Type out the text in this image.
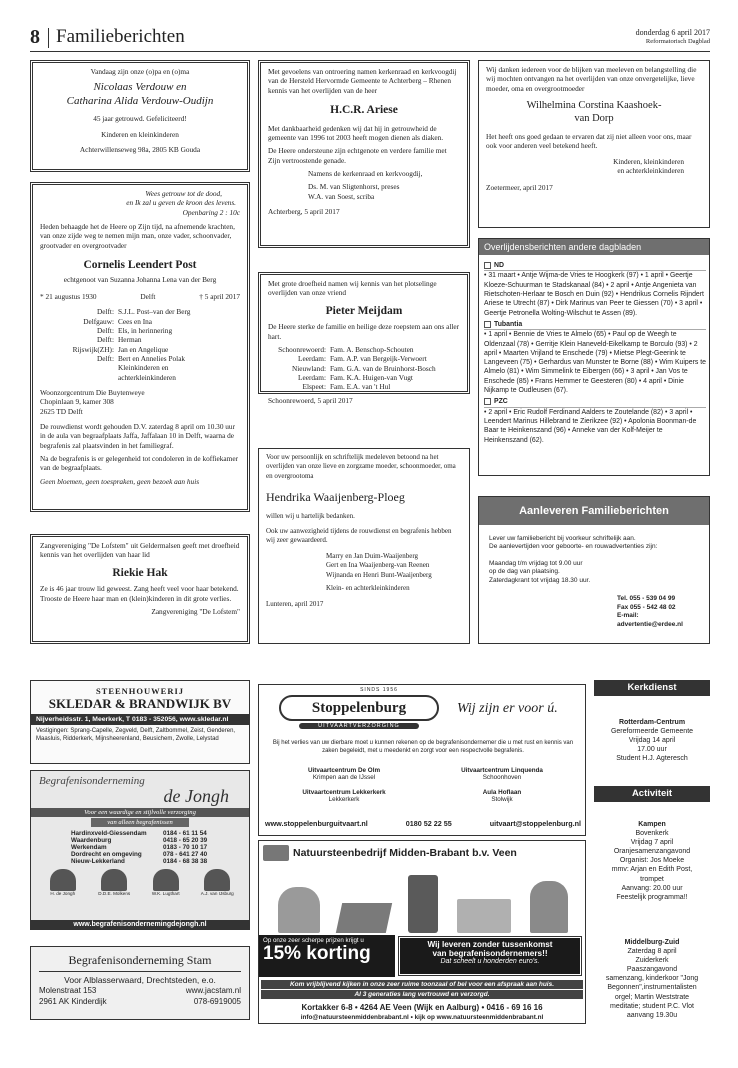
8 Familieberichten	donderdag 6 april 2017
Reformatorisch Dagblad

Vandaag zijn onze (o)pa en (o)ma

Nicolaas Verdouw en
Catharina Alida Verdouw-Oudijn

45 jaar getrouwd. Gefeliciteerd!

Kinderen en kleinkinderen

Achterwillenseweg 98a, 2805 KB Gouda

Wees getrouw tot de dood,
en Ik zal u geven de kroon des levens.
Openbaring 2 : 10c

Heden behaagde het de Heere op Zijn tijd, na afnemende krachten, van onze zijde weg te nemen mijn man, onze vader, schoonvader, grootvader en overgrootvader

Cornelis Leendert Post
echtgenoot van Suzanna Johanna Lena van der Berg
* 21 augustus 1930	Delft	† 5 april 2017
Delft: S.J.L. Post–van der Berg
Delfgauw: Cees en Ina
Delft: Els, in herinnering
Delft: Herman
Rijswijk(ZH): Jan en Angelique
Delft: Bert en Annelies Polak
Kleinkinderen en
achterkleinkinderen
Woonzorgcentrum Die Buytenweye
Chopinlaan 9, kamer 308
2625 TD Delft

De rouwdienst wordt gehouden D.V. zaterdag 8 april om 10.30 uur in de aula van begraafplaats Jaffa, Jaffalaan 10 in Delft, waarna de begrafenis zal plaatsvinden in het familiegraf.

Na de begrafenis is er gelegenheid tot condoleren in de koffiekamer van de begraafplaats.

Geen bloemen, geen toespraken, geen bezoek aan huis

Zangvereniging "De Lofstem" uit Geldermalsen geeft met droefheid kennis van het overlijden van haar lid

Riekie Hak

Ze is 46 jaar trouw lid geweest. Zang heeft veel voor haar betekend. Trooste de Heere haar man en (klein)kinderen in dit grote verlies.

Zangvereniging "De Lofstem"

Met gevoelens van ontroering namen kerkenraad en kerkvoogdij van de Hersteld Hervormde Gemeente te Achterberg – Rhenen kennis van het overlijden van de heer

H.C.R. Ariese

Met dankbaarheid gedenken wij dat hij in getrouwheid de gemeente van 1996 tot 2003 heeft mogen dienen als diaken.

De Heere ondersteune zijn echtgenote en verdere familie met Zijn vertroostende genade.

Namens de kerkenraad en kerkvoogdij,
Ds. M. van Sligtenhorst, preses
W.A. van Soest, scriba
Achterberg, 5 april 2017

Met grote droefheid namen wij kennis van het plotselinge overlijden van onze vriend

Pieter Meijdam

De Heere sterke de familie en heilige deze roepstem aan ons aller hart.

Schoonrewoerd: Fam. A. Benschop-Schouten
Leerdam: Fam. A.P. van Bergeijk-Verwoert
Nieuwland: Fam. G.A. van de Bruinhorst-Bosch
Leerdam: Fam. K.A. Huigen-van Vugt
Elspeet: Fam. E.A. van 't Hul
Schoonrewoerd, 5 april 2017

Voor uw persoonlijk en schriftelijk medeleven betoond na het overlijden van onze lieve en zorgzame moeder, schoonmoeder, oma en overgrootoma

Hendrika Waaijenberg-Ploeg

willen wij u hartelijk bedanken.

Ook uw aanwezigheid tijdens de rouwdienst en begrafenis hebben wij zeer gewaardeerd.

Marry en Jan Duim-Waaijenberg
Gert en Ina Waaijenberg-van Reenen
Wijnanda en Henri Bunt-Waaijenberg
Klein- en achterkleinkinderen
Lunteren, april 2017

Wij danken iedereen voor de blijken van meeleven en belangstelling die wij mochten ontvangen na het overlijden van onze onvergetelijke, lieve moeder, oma en overgrootmoeder

Wilhelmina Corstina Kaashoek-
van Dorp

Het heeft ons goed gedaan te ervaren dat zij niet alleen voor ons, maar ook voor anderen veel betekend heeft.

Kinderen, kleinkinderen
en achterkleinkinderen
Zoetermeer, april 2017
Overlijdensberichten andere dagbladen
ND
• 31 maart • Antje Wijma-de Vries te Hoogkerk (97) • 1 april • Geertje Kloeze-Schuurman te Stadskanaal (84) • 2 april • Antje Angenieta van Rietschoten-Herlaar te Bosch en Duin (92) • Hendrikus Cornelis Rijndert Ariese te Utrecht (87) • Dirk Marinus van Peer te Giessen (70) • 3 april • Geertje Petronella Wolting-Wilschut te Assen (89).
Tubantia
• 1 april • Bennie de Vries te Almelo (65) • Paul op de Weegh te Oldenzaal (78) • Gerritje Klein Haneveld-Eikelkamp te Borculo (93) • 2 april • Maarten Vrijland te Enschede (79) • Mietse Plegt-Geerink te Langeveen (75) • Gerhardus van Munster te Borne (88) • Wim Kuipers te Almelo (81) • Wim Simmelink te Eibergen (66) • 3 april • Jan Vos te Enschede (85) • Frans Hemmer te Geesteren (80) • 4 april • Dinie Nijkamp te Oudleusen (67).
PZC
• 2 april • Eric Rudolf Ferdinand Aalders te Zoutelande (82) • 3 april • Leendert Marinus Hillebrand te Zierikzee (92) • Apolonia Boonman-de Baar te Heinkenszand (96) • Anneke van der Kolf-Meijer te Heinkenszand (62).
Aanleveren Familieberichten
Lever uw familiebericht bij voorkeur schriftelijk aan.
De aanlevertijden voor geboorte- en rouwadvertenties zijn:
Maandag t/m vrijdag tot 9.00 uur
op de dag van plaatsing.
Zaterdagkrant tot vrijdag 18.30 uur.
Tel. 055 - 539 04 99
Fax 055 - 542 48 02
E-mail: advertentie@erdee.nl
STEENHOUWERIJ
SKLEDAR & BRANDWIJK BV
Nijverheidsstr. 1, Meerkerk, T 0183 - 352056, www.skledar.nl
Vestigingen: Sprang-Capelle, Zegveld, Delft, Zaltbommel, Zeist, Genderen, Maasluis, Ridderkerk, Mijnsheerenland, Beusichem, Zwolle, Lelystad
Begrafenisonderneming
de Jongh
Voor een waardige en stijlvolle verzorging
van alleen begrafenissen
Hardinxveld-Giessendam	0184 - 61 11 54
Waardenburg	0418 - 65 20 39
Werkendam	0183 - 70 10 17
Dordrecht en omgeving	078 - 641 27 40
Nieuw-Lekkerland	0184 - 68 38 38
H. de Jongh	D.D.E. Molkens	W.K. Lugthart	A.J. van IJsburg
www.begrafenisondernemingdejongh.nl
Begrafenisonderneming Stam
Voor Alblasserwaard, Drechtsteden, e.o.
Molenstraat 153	www.jacstam.nl
2961 AK Kinderdijk	078-6919005
SINDS 1956
Stoppelenburg
UITVAARTVERZORGING
Wij zijn er voor ú.
Bij het verlies van uw dierbare moet u kunnen rekenen op de begrafenisondernemer die u met rust en kennis van zaken begeleidt, met u meedenkt en zorgt voor een respectvolle begrafenis.
Uitvaartcentrum De Olm
Krimpen aan de IJssel
Uitvaartcentrum Linquenda
Schoonhoven
Uitvaartcentrum Lekkerkerk
Lekkerkerk
Aula Hoflaan
Stolwijk
www.stoppelenburguitvaart.nl	0180 52 22 55	uitvaart@stoppelenburg.nl
Natuursteenbedrijf Midden-Brabant b.v. Veen
Op onze zeer scherpe prijzen krijgt u
15% korting	Wij leveren zonder tussenkomst
van begrafenisondernemers!!
Dat scheelt u honderden euro's.
Kom vrijblijvend kijken in onze zeer ruime toonzaal of bel voor een afspraak aan huis.
Al 3 generaties lang vertrouwd en verzorgd.
Kortakker 6-8 • 4264 AE Veen (Wijk en Aalburg) • 0416 - 69 16 16
info@natuursteenmiddenbrabant.nl • kijk op www.natuursteenmiddenbrabant.nl
Kerkdienst
Rotterdam-Centrum
Gereformeerde Gemeente
Vrijdag 14 april
17.00 uur
Student H.J. Agteresch
Activiteit
Kampen
Bovenkerk
Vrijdag 7 april
Oranjesamenzangavond
Organist: Jos Moeke
mmv: Arjan en Edith Post,
trompet
Aanvang: 20.00 uur
Feestelijk programma!!
Middelburg-Zuid
Zaterdag 8 april
Zuiderkerk
Paaszangavond
samenzang, kinderkoor "Jong
Begonnen",instrumentalisten
orgel; Martin Weststrate
meditatie; student P.C. Vlot
aanvang 19.30u
